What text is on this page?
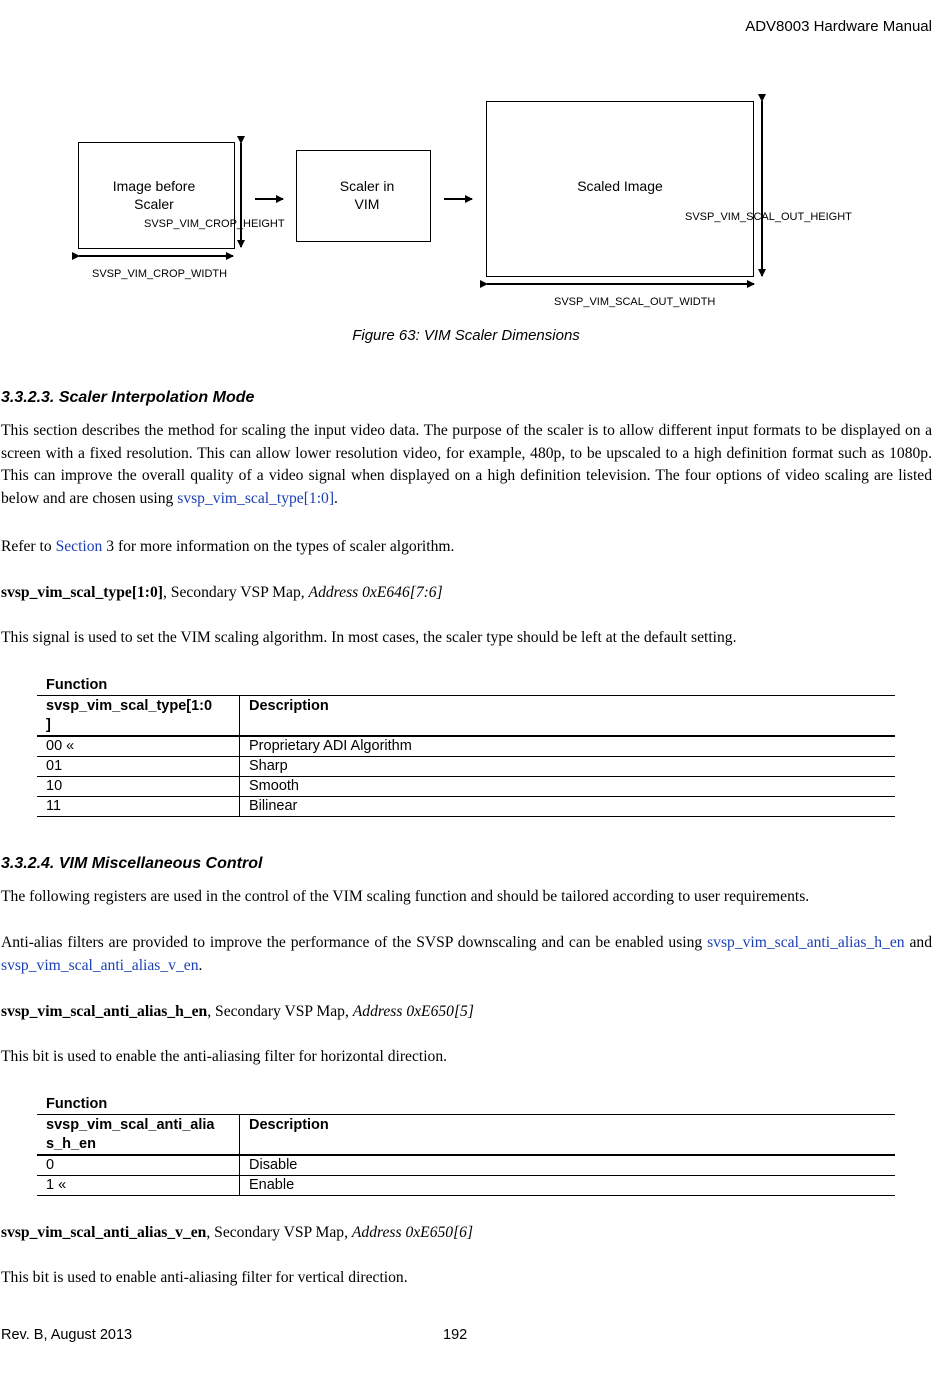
ADV8003 Hardware Manual
Image before
Scaler
Scaler in
VIM
Scaled Image
SVSP_VIM_CROP_HEIGHT
SVSP_VIM_CROP_WIDTH
SVSP_VIM_SCAL_OUT_HEIGHT
SVSP_VIM_SCAL_OUT_WIDTH
Figure 63: VIM Scaler Dimensions
3.3.2.3. Scaler Interpolation Mode

This section describes the method for scaling the input video data. The purpose of the scaler is to allow different input formats to be displayed on a screen with a fixed resolution. This can allow lower resolution video, for example, 480p, to be upscaled to a high definition format such as 1080p. This can improve the overall quality of a video signal when displayed on a high definition television. The four options of video scaling are listed below and are chosen using svsp_vim_scal_type[1:0].

Refer to Section 3 for more information on the types of scaler algorithm.

svsp_vim_scal_type[1:0], Secondary VSP Map, Address 0xE646[7:6]

This signal is used to set the VIM scaling algorithm. In most cases, the scaler type should be left at the default setting.

Function
svsp_vim_scal_type[1:0
]	Description
00 «	Proprietary ADI Algorithm
01	Sharp
10	Smooth
11	Bilinear
3.3.2.4. VIM Miscellaneous Control

The following registers are used in the control of the VIM scaling function and should be tailored according to user requirements.

Anti-alias filters are provided to improve the performance of the SVSP downscaling and can be enabled using svsp_vim_scal_anti_alias_h_en and svsp_vim_scal_anti_alias_v_en.

svsp_vim_scal_anti_alias_h_en, Secondary VSP Map, Address 0xE650[5]

This bit is used to enable the anti-aliasing filter for horizontal direction.

Function
svsp_vim_scal_anti_alia
s_h_en	Description
0	Disable
1 «	Enable

svsp_vim_scal_anti_alias_v_en, Secondary VSP Map, Address 0xE650[6]

This bit is used to enable anti-aliasing filter for vertical direction.

Rev. B, August 2013	192
